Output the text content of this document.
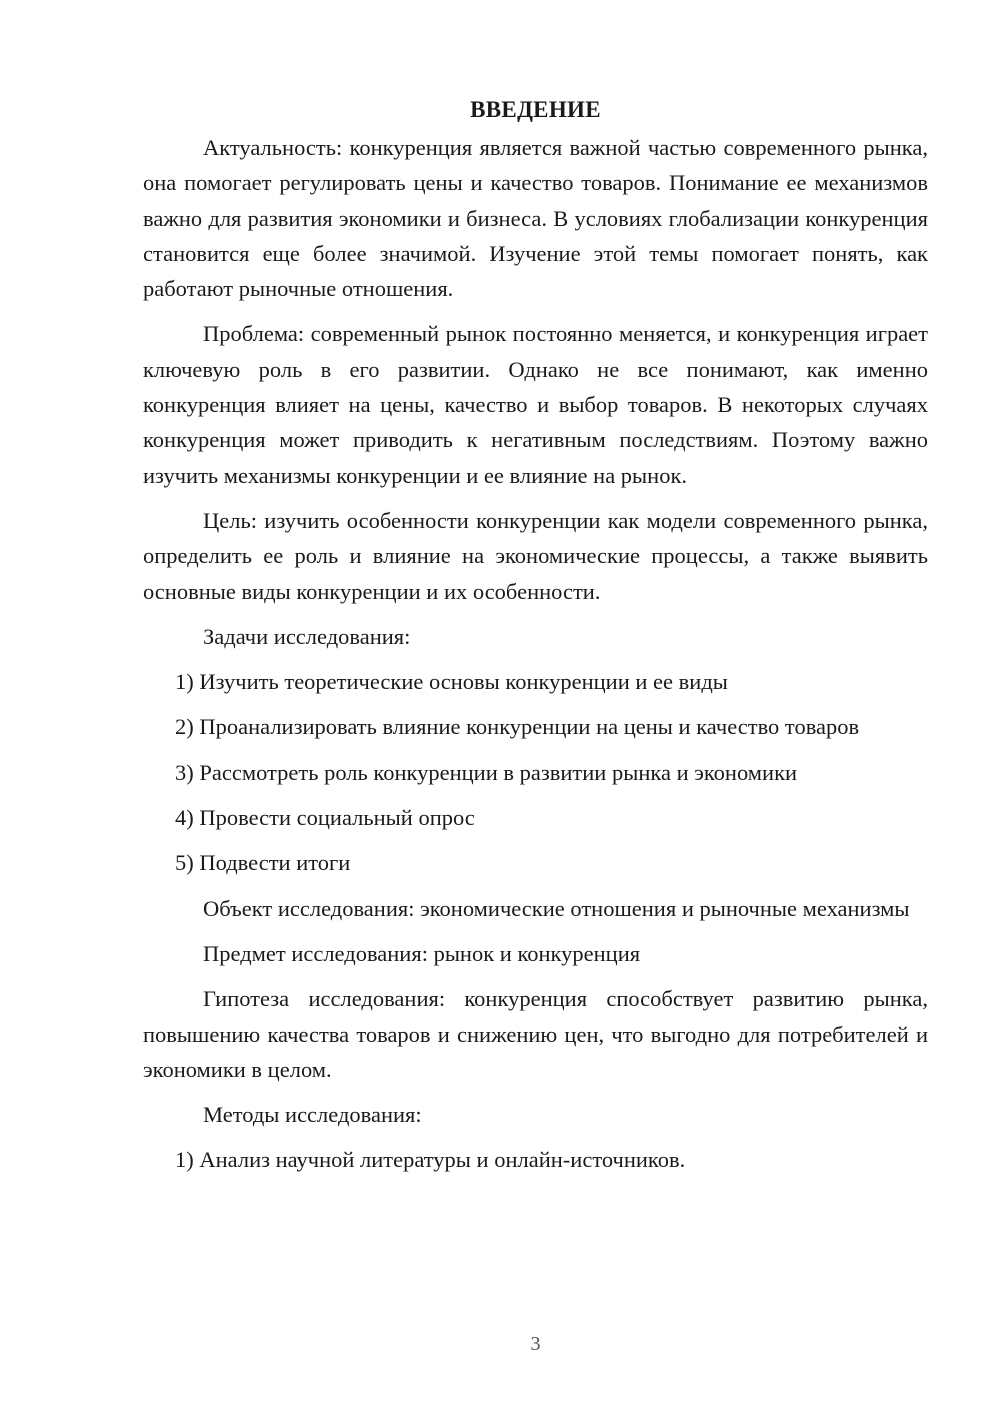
ВВЕДЕНИЕ

Актуальность: конкуренция является важной частью современного рынка, она помогает регулировать цены и качество товаров. Понимание ее механизмов важно для развития экономики и бизнеса. В условиях глобализации конкуренция становится еще более значимой. Изучение этой темы помогает понять, как работают рыночные отношения.

Проблема: современный рынок постоянно меняется, и конкуренция играет ключевую роль в его развитии. Однако не все понимают, как именно конкуренция влияет на цены, качество и выбор товаров. В некоторых случаях конкуренция может приводить к негативным последствиям. Поэтому важно изучить механизмы конкуренции и ее влияние на рынок.

Цель: изучить особенности конкуренции как модели современного рынка, определить ее роль и влияние на экономические процессы, а также выявить основные виды конкуренции и их особенности.

Задачи исследования:

1) Изучить теоретические основы конкуренции и ее виды

2) Проанализировать влияние конкуренции на цены и качество товаров

3) Рассмотреть роль конкуренции в развитии рынка и экономики

4) Провести социальный опрос

5) Подвести итоги

Объект исследования: экономические отношения и рыночные механизмы

Предмет исследования: рынок и конкуренция

Гипотеза исследования: конкуренция способствует развитию рынка, повышению качества товаров и снижению цен, что выгодно для потребителей и экономики в целом.

Методы исследования:

1) Анализ научной литературы и онлайн-источников.

3
